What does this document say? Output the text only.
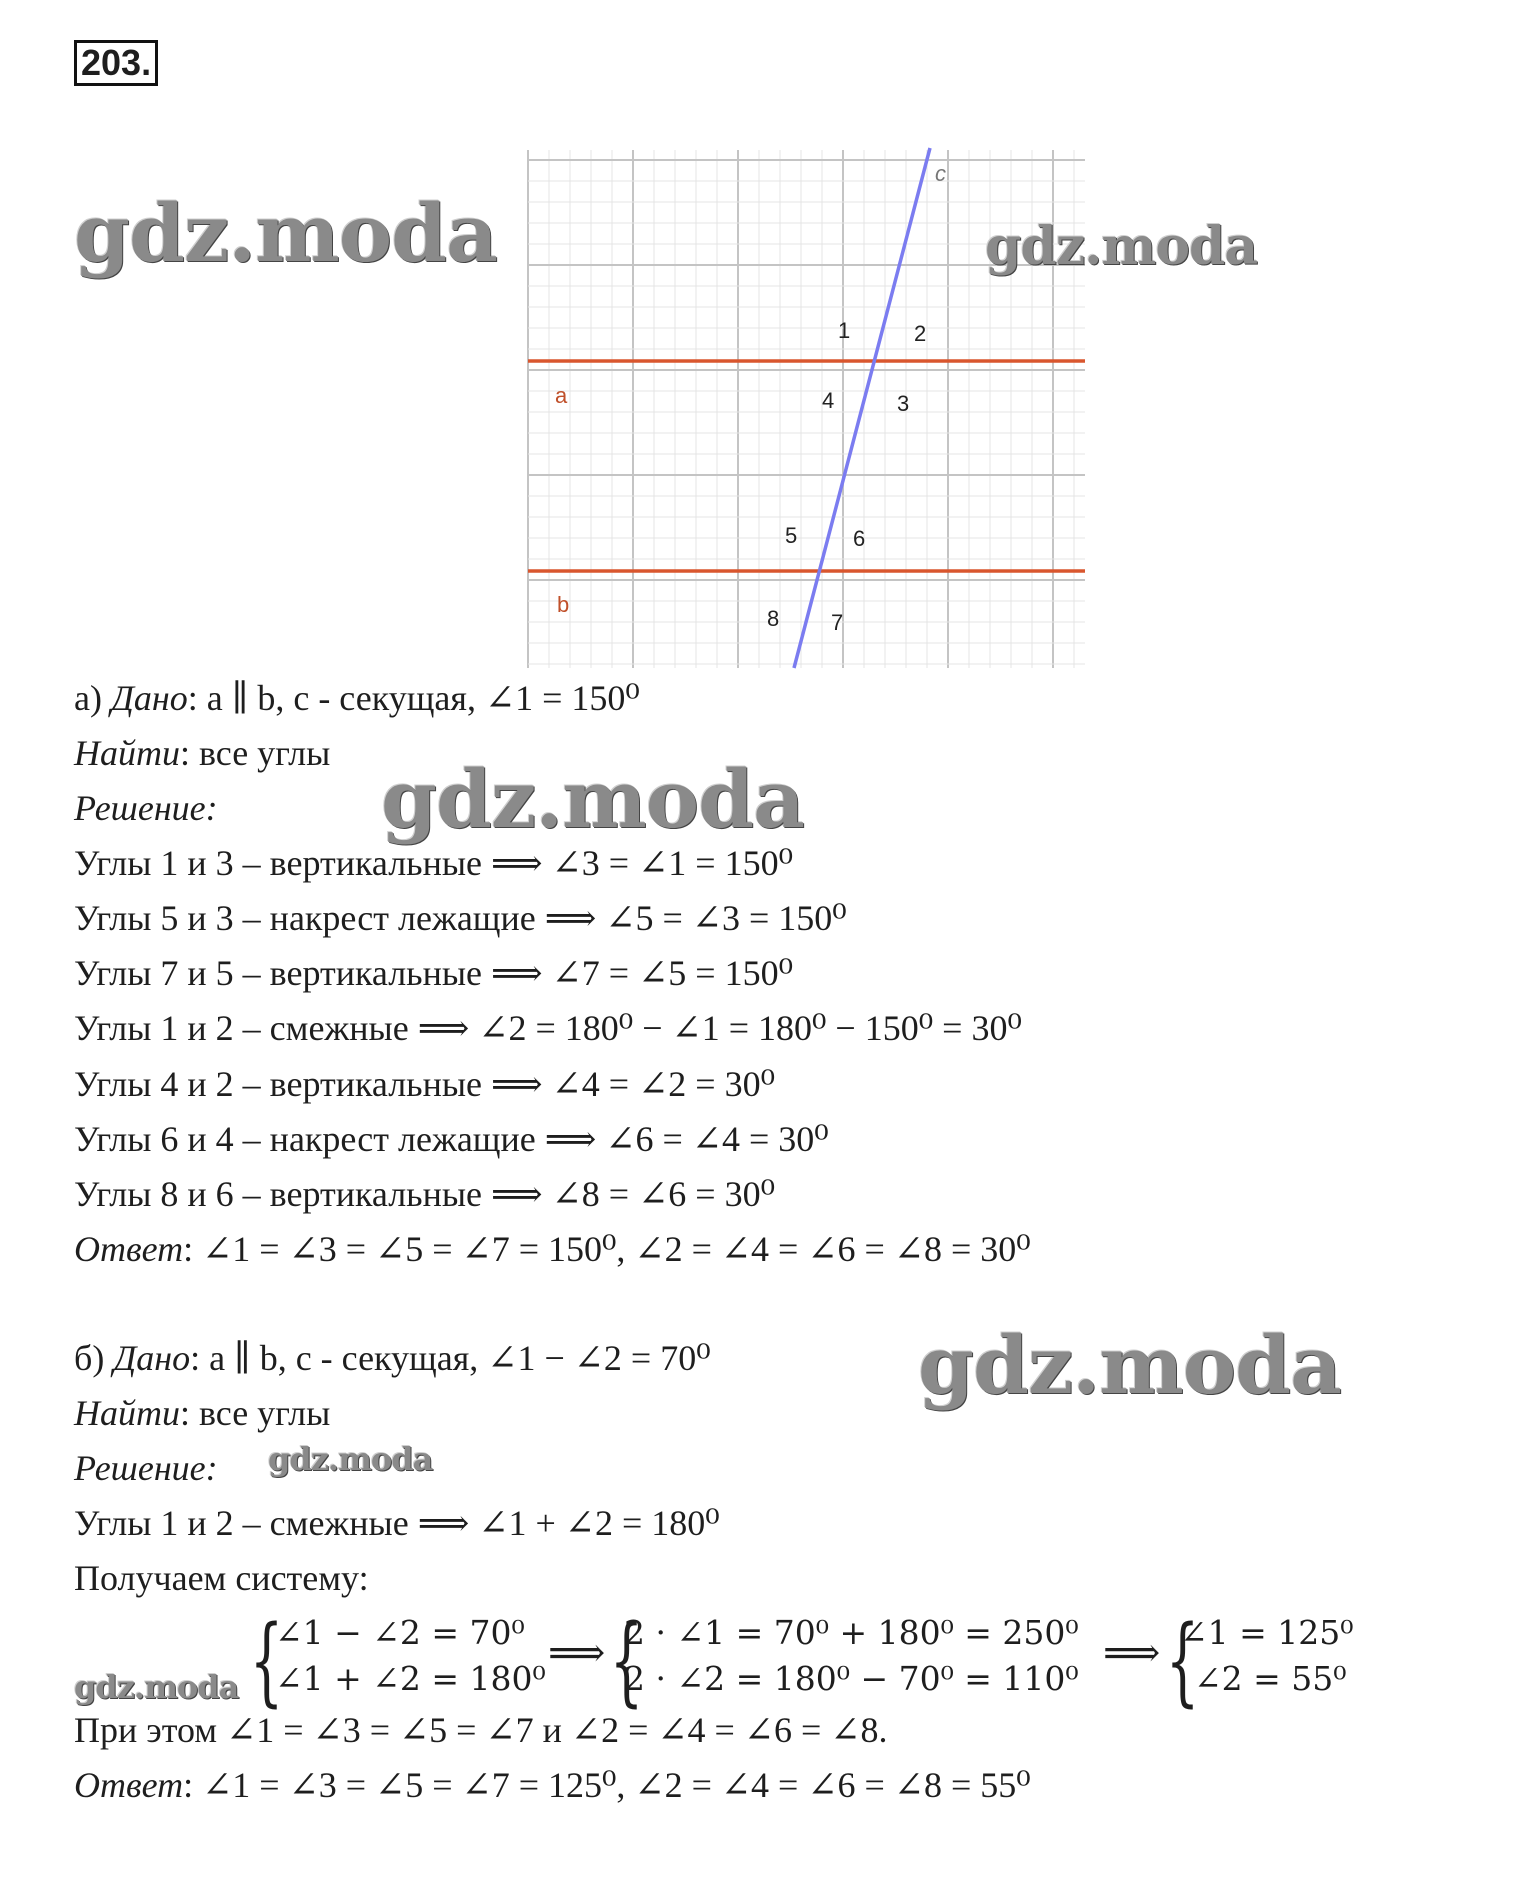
203.
c
a
b
1	2
4	3
5	6
8 7
gdz.moda	gdz.moda
gdz.moda
gdz.moda
gdz.moda
gdz.moda
а) Дано: a ∥ b, c - секущая, ∠1 = 150⁰
Найти: все углы
Решение:
Углы 1 и 3 – вертикальные ⟹ ∠3 = ∠1 = 150⁰
Углы 5 и 3 – накрест лежащие ⟹ ∠5 = ∠3 = 150⁰
Углы 7 и 5 – вертикальные ⟹ ∠7 = ∠5 = 150⁰
Углы 1 и 2 – смежные ⟹ ∠2 = 180⁰ − ∠1 = 180⁰ − 150⁰ = 30⁰
Углы 4 и 2 – вертикальные ⟹ ∠4 = ∠2 = 30⁰
Углы 6 и 4 – накрест лежащие ⟹ ∠6 = ∠4 = 30⁰
Углы 8 и 6 – вертикальные ⟹ ∠8 = ∠6 = 30⁰
Ответ: ∠1 = ∠3 = ∠5 = ∠7 = 150⁰, ∠2 = ∠4 = ∠6 = ∠8 = 30⁰
б) Дано: a ∥ b, c - секущая, ∠1 − ∠2 = 70⁰
Найти: все углы
Решение:
Углы 1 и 2 – смежные ⟹ ∠1 + ∠2 = 180⁰
Получаем систему:
{
∠1 − ∠2 = 70⁰
∠1 + ∠2 = 180⁰
⟹ {
2 · ∠1 = 70⁰ + 180⁰ = 250⁰
2 · ∠2 = 180⁰ − 70⁰ = 110⁰
⟹ {
∠1 = 125⁰
∠2 = 55⁰
При этом ∠1 = ∠3 = ∠5 = ∠7 и ∠2 = ∠4 = ∠6 = ∠8.
Ответ: ∠1 = ∠3 = ∠5 = ∠7 = 125⁰, ∠2 = ∠4 = ∠6 = ∠8 = 55⁰
